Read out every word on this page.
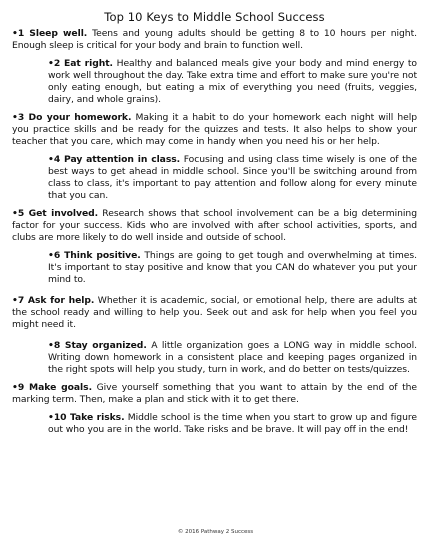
Top 10 Keys to Middle School Success

•1 Sleep well. Teens and young adults should be getting 8 to 10 hours per night. Enough sleep is critical for your body and brain to function well.

•2 Eat right. Healthy and balanced meals give your body and mind energy to work well throughout the day. Take extra time and effort to make sure you're not only eating enough, but eating a mix of everything you need (fruits, veggies, dairy, and whole grains).

•3 Do your homework. Making it a habit to do your homework each night will help you practice skills and be ready for the quizzes and tests. It also helps to show your teacher that you care, which may come in handy when you need his or her help.

•4 Pay attention in class. Focusing and using class time wisely is one of the best ways to get ahead in middle school. Since you'll be switching around from class to class, it's important to pay attention and follow along for every minute that you can.

•5 Get involved. Research shows that school involvement can be a big determining factor for your success. Kids who are involved with after school activities, sports, and clubs are more likely to do well inside and outside of school.

•6 Think positive. Things are going to get tough and overwhelming at times. It's important to stay positive and know that you CAN do whatever you put your mind to.

•7 Ask for help. Whether it is academic, social, or emotional help, there are adults at the school ready and willing to help you. Seek out and ask for help when you feel you might need it.

•8 Stay organized. A little organization goes a LONG way in middle school. Writing down homework in a consistent place and keeping pages organized in the right spots will help you study, turn in work, and do better on tests/quizzes.

•9 Make goals. Give yourself something that you want to attain by the end of the marking term. Then, make a plan and stick with it to get there.

•10 Take risks. Middle school is the time when you start to grow up and figure out who you are in the world. Take risks and be brave. It will pay off in the end!

© 2016 Pathway 2 Success
